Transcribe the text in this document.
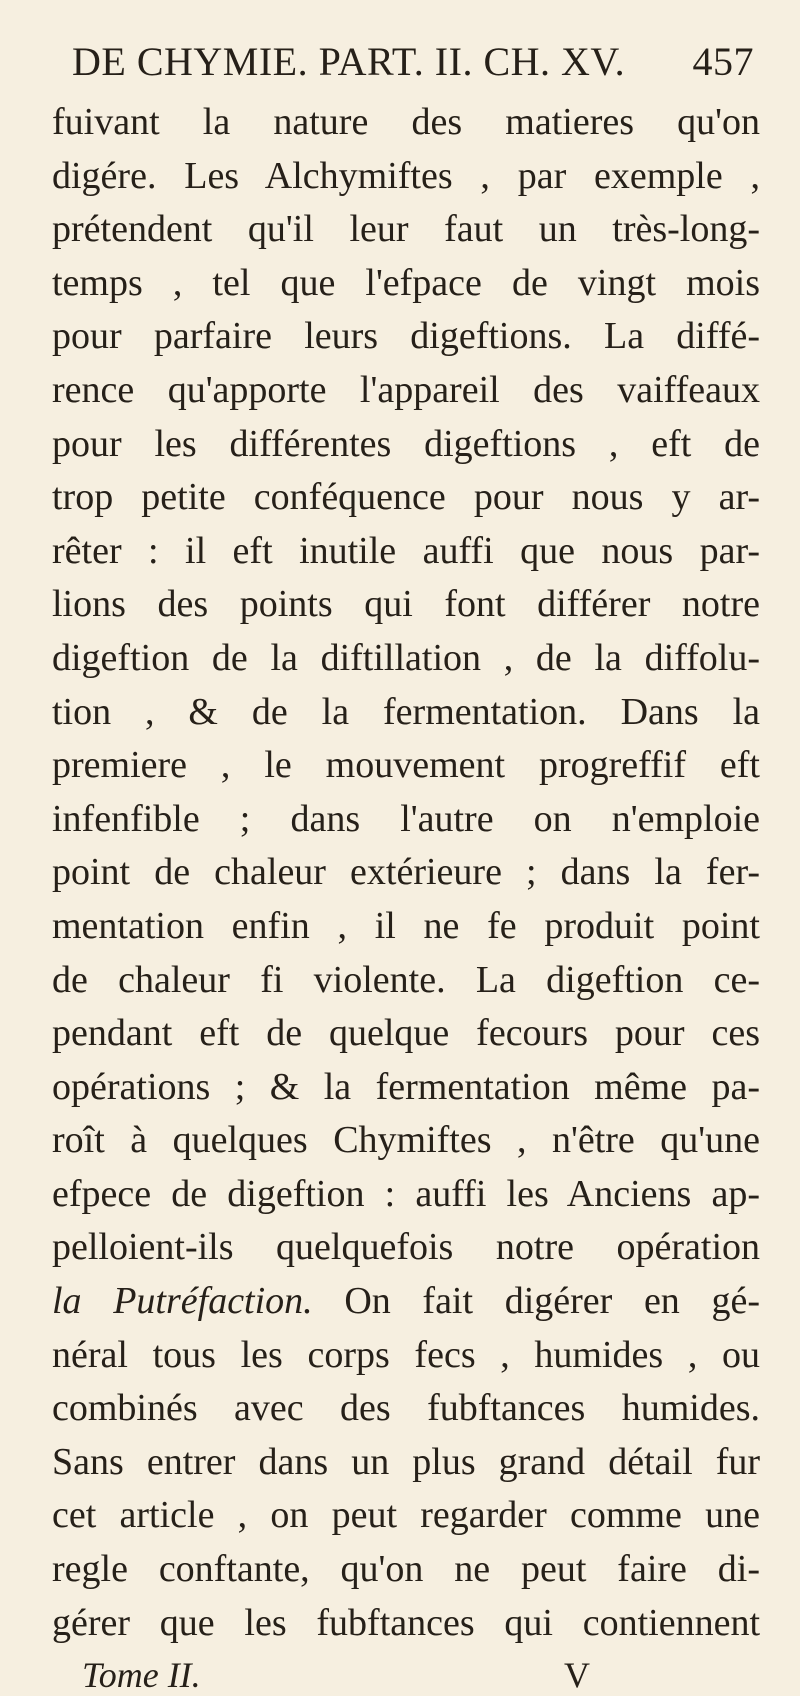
DE CHYMIE. PART. II. CH. XV. 457
fuivant la nature des matieres qu'on
digére. Les Alchymiftes , par exemple ,
prétendent qu'il leur faut un très-long-
temps , tel que l'efpace de vingt mois
pour parfaire leurs digeftions. La diffé-
rence qu'apporte l'appareil des vaiffeaux
pour les différentes digeftions , eft de
trop petite conféquence pour nous y ar-
rêter : il eft inutile auffi que nous par-
lions des points qui font différer notre
digeftion de la diftillation , de la diffolu-
tion , & de la fermentation. Dans la
premiere , le mouvement progreffif eft
infenfible ; dans l'autre on n'emploie
point de chaleur extérieure ; dans la fer-
mentation enfin , il ne fe produit point
de chaleur fi violente. La digeftion ce-
pendant eft de quelque fecours pour ces
opérations ; & la fermentation même pa-
roît à quelques Chymiftes , n'être qu'une
efpece de digeftion : auffi les Anciens ap-
pelloient-ils quelquefois notre opération
la Putréfaction. On fait digérer en gé-
néral tous les corps fecs , humides , ou
combinés avec des fubftances humides.
Sans entrer dans un plus grand détail fur
cet article , on peut regarder comme une
regle conftante, qu'on ne peut faire di-
gérer que les fubftances qui contiennent
Tome II.	V
